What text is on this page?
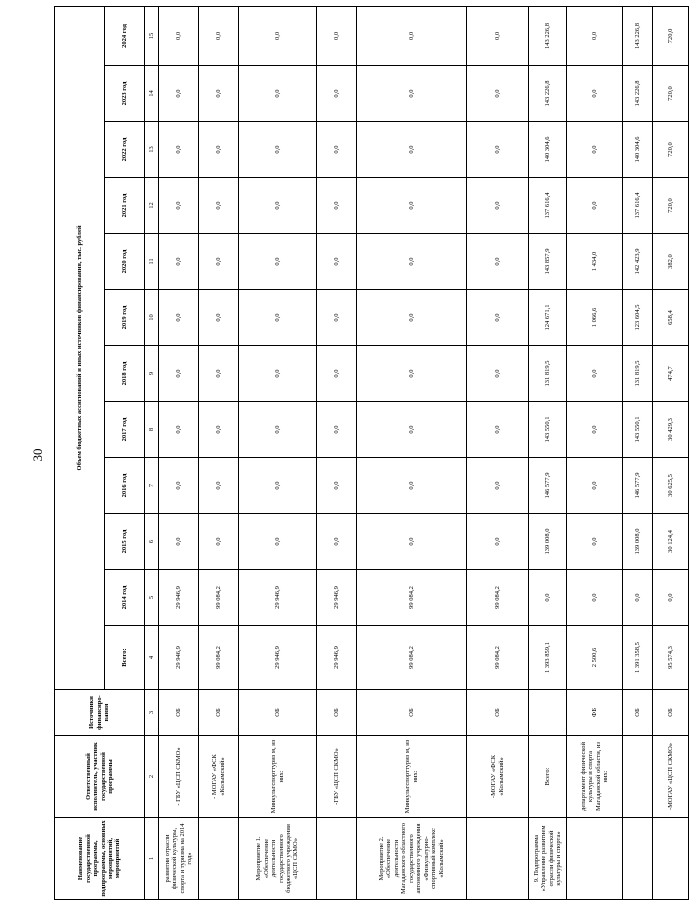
30
Наименование государственной программы, подпрограммы, основных мероприятий, мероприятий	Ответственный исполнитель, участник государственной программы	Источники финансиро-вания	Объем бюджетных ассигнований и иных источников финансирования, тыс. рублей											
			Всего:	2014 год	2015 год	2016 год	2017 год	2018 год	2019 год	2020 год	2021 год	2022 год	2023 год	2024 год
1	2	3	4	5	6	7	8	9	10	11	12	13	14	15
развития отрасли физической культуры, спорта и туризма на 2014 год»	- ГБУ «ЦСП СКМО»	ОБ	29 946,9	29 946,9	0,0	0,0	0,0	0,0	0,0	0,0	0,0	0,0	0,0	0,0
	- МОГАУ «ФСК «Колымский»	ОБ	99 084,2	99 084,2	0,0	0,0	0,0	0,0	0,0	0,0	0,0	0,0	0,0	0,0
Мероприятие 1. «Обеспечение деятельности государственного бюджетного учреждения «ЦСП СКМО»	Минкультспорттуриз м, из них:	ОБ	29 946,9	29 946,9	0,0	0,0	0,0	0,0	0,0	0,0	0,0	0,0	0,0	0,0
	-ГБУ «ЦСП СКМО»	ОБ	29 946,9	29 946,9	0,0	0,0	0,0	0,0	0,0	0,0	0,0	0,0	0,0	0,0
Мероприятие 2. «Обеспечение деятельности Магаданского областного государственного автономного учреждения «Физкультурно-спортивный комплекс «Колымский»	Минкультспорттуриз м, из них:	ОБ	99 084,2	99 084,2	0,0	0,0	0,0	0,0	0,0	0,0	0,0	0,0	0,0	0,0
	-МОГАУ «ФСК «Колымский»	ОБ	99 084,2	99 084,2	0,0	0,0	0,0	0,0	0,0	0,0	0,0	0,0	0,0	0,0
9. Подпрограмма «Управление развитием отрасли физической культуры и спорта»	Всего:		1 393 859,1	0,0	139 008,0	146 577,9	143 550,1	131 819,5	124 671,1	143 857,9	137 616,4	140 304,6	143 226,8	143 226,8
	департамент физической культуры и спорта Магаданской области, из них:	ФБ	2 500,6	0,0	0,0	0,0	0,0	0,0	1 066,6	1 434,0	0,0	0,0	0,0	0,0
		ОБ	1 391 358,5	0,0	139 008,0	146 577,9	143 550,1	131 819,5	123 604,5	142 423,9	137 616,4	140 304,6	143 226,8	143 226,8
	-МОГАУ «ЦСП СКМО»	ОБ	95 574,3	0,0	30 124,4	30 625,5	30 429,3	474,7	658,4	382,0	720,0	720,0	720,0	720,0
